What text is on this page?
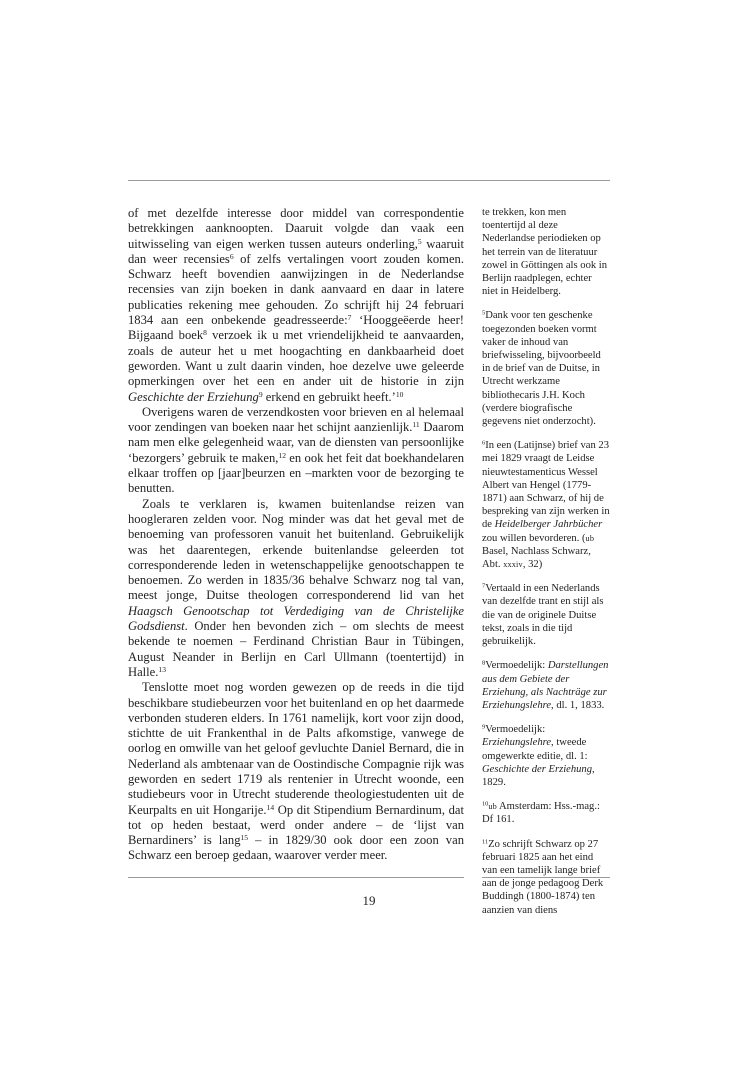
of met dezelfde interesse door middel van correspondentie betrekkingen aanknoopten. Daaruit volgde dan vaak een uitwisseling van eigen werken tussen auteurs onderling,$^5$ waaruit dan weer recensies$^6$ of zelfs vertalingen voort zouden komen. Schwarz heeft bovendien aanwijzingen in de Nederlandse recensies van zijn boeken in dank aanvaard en daar in latere publicaties rekening mee gehouden. Zo schrijft hij 24 februari 1834 aan een onbekende geadresseerde:$^7$ ‘Hooggeëerde heer! Bijgaand boek$^8$ verzoek ik u met vriendelijkheid te aanvaarden, zoals de auteur het u met hoogachting en dankbaarheid doet geworden. Want u zult daarin vinden, hoe dezelve uwe geleerde opmerkingen over het een en ander uit de historie in zijn Geschichte der Erziehung$^9$ erkend en gebruikt heeft.’$^{10}$

Overigens waren de verzendkosten voor brieven en al helemaal voor zendingen van boeken naar het schijnt aanzienlijk.$^{11}$ Daarom nam men elke gelegenheid waar, van de diensten van persoonlijke ‘bezorgers’ gebruik te maken,$^{12}$ en ook het feit dat boekhandelaren elkaar troffen op [jaar]beurzen en –markten voor de bezorging te benutten.

Zoals te verklaren is, kwamen buitenlandse reizen van hoogleraren zelden voor. Nog minder was dat het geval met de benoeming van professoren vanuit het buitenland. Gebruikelijk was het daarentegen, erkende buitenlandse geleerden tot corresponderende leden in wetenschappelijke genootschappen te benoemen. Zo werden in 1835/36 behalve Schwarz nog tal van, meest jonge, Duitse theologen corresponderend lid van het Haagsch Genootschap tot Verdediging van de Christelijke Godsdienst. Onder hen bevonden zich – om slechts de meest bekende te noemen – Ferdinand Christian Baur in Tübingen, August Neander in Berlijn en Carl Ullmann (toentertijd) in Halle.$^{13}$

Tenslotte moet nog worden gewezen op de reeds in die tijd beschikbare studiebeurzen voor het buitenland en op het daarmede verbonden studeren elders. In 1761 namelijk, kort voor zijn dood, stichtte de uit Frankenthal in de Palts afkomstige, vanwege de oorlog en omwille van het geloof gevluchte Daniel Bernard, die in Nederland als ambtenaar van de Oostindische Compagnie rijk was geworden en sedert 1719 als rentenier in Utrecht woonde, een studiebeurs voor in Utrecht studerende theologiestudenten uit de Keurpalts en uit Hongarije.$^{14}$ Op dit Stipendium Bernardinum, dat tot op heden bestaat, werd onder andere – de ‘lijst van Bernardiners’ is lang$^{15}$ – in 1829/30 ook door een zoon van Schwarz een beroep gedaan, waarover verder meer.

te trekken, kon men toentertijd al deze Nederlandse periodieken op het terrein van de literatuur zowel in Göttingen als ook in Berlijn raadplegen, echter niet in Heidelberg.

$^5$Dank voor ten geschenke toegezonden boeken vormt vaker de inhoud van briefwisseling, bijvoorbeeld in de brief van de Duitse, in Utrecht werkzame bibliothecaris J.H. Koch (verdere biografische gegevens niet onderzocht).

$^6$In een (Latijnse) brief van 23 mei 1829 vraagt de Leidse nieuwtestamenticus Wessel Albert van Hengel (1779-1871) aan Schwarz, of hij de bespreking van zijn werken in de Heidelberger Jahrbücher zou willen bevorderen. (ub Basel, Nachlass Schwarz, Abt. xxxiv, 32)

$^7$Vertaald in een Nederlands van dezelfde trant en stijl als die van de originele Duitse tekst, zoals in die tijd gebruikelijk.

$^8$Vermoedelijk: Darstellungen aus dem Gebiete der Erziehung, als Nachträge zur Erziehungslehre, dl. 1, 1833.

$^9$Vermoedelijk: Erziehungslehre, tweede omgewerkte editie, dl. 1: Geschichte der Erziehung, 1829.

$^{10}$ub Amsterdam: Hss.-mag.: Df 161.

$^{11}$Zo schrijft Schwarz op 27 februari 1825 aan het eind van een tamelijk lange brief aan de jonge pedagoog Derk Buddingh (1800-1874) ten aanzien van diens

19
